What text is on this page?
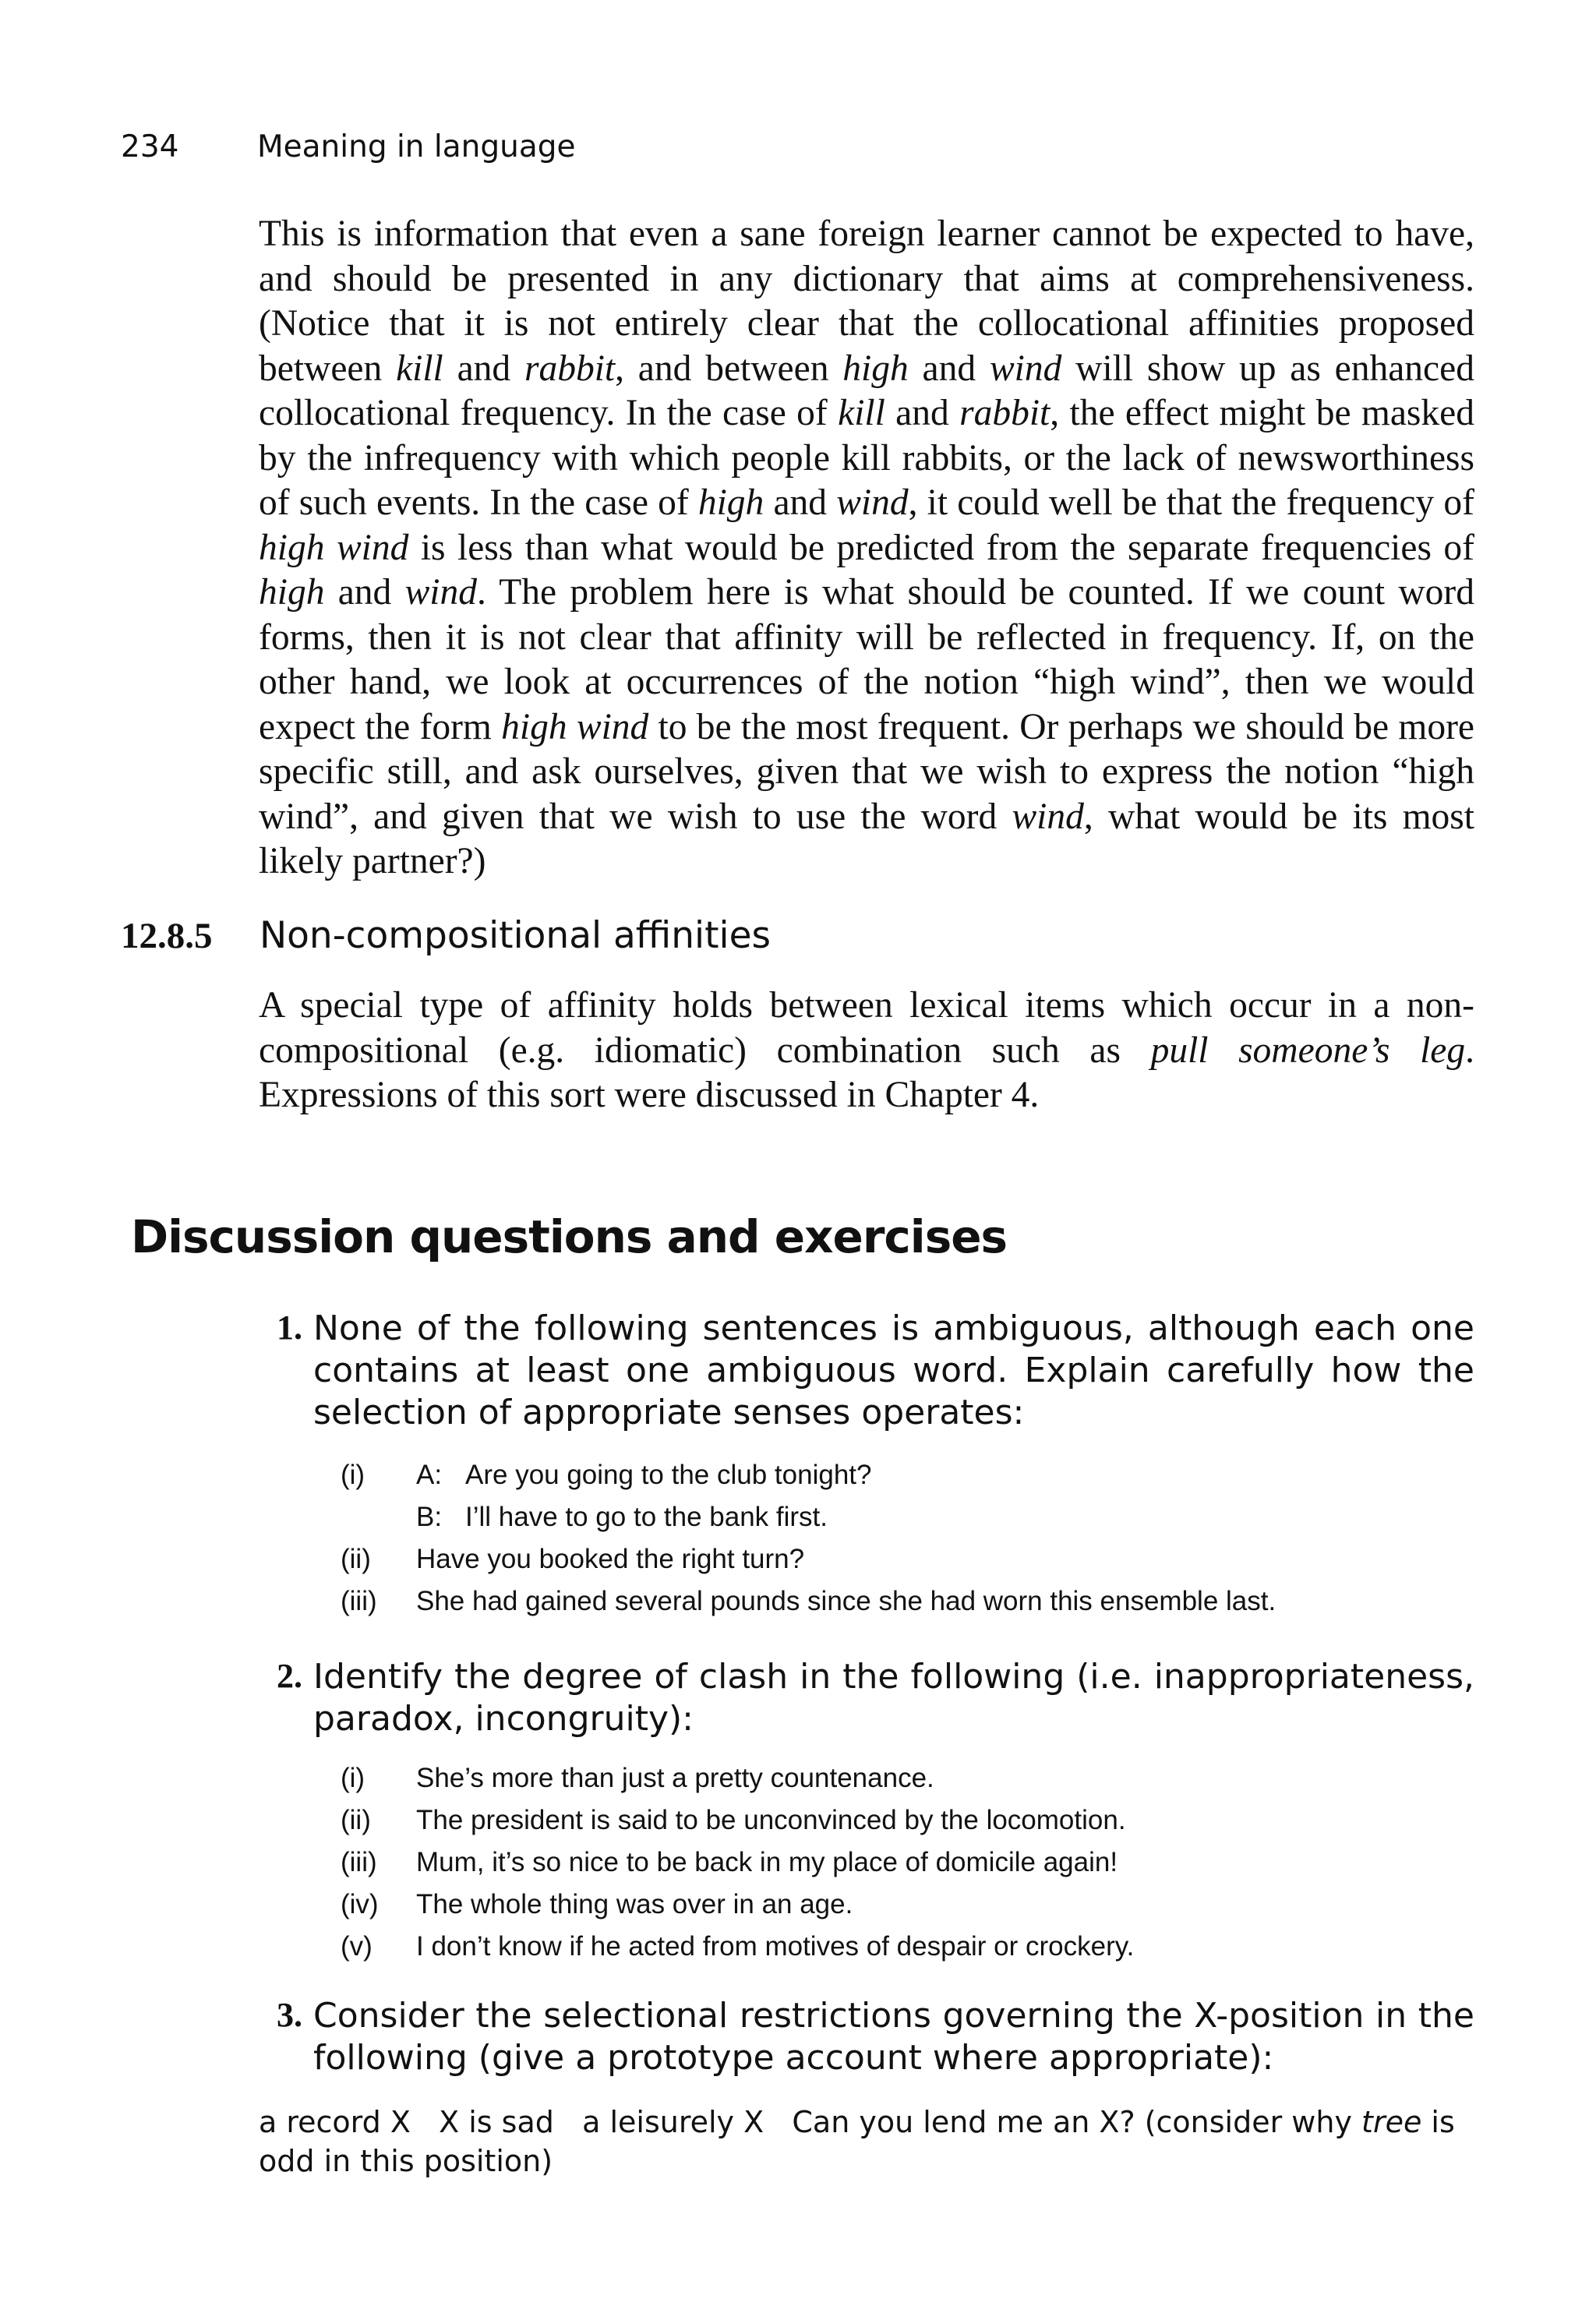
234	Meaning in language

This is information that even a sane foreign learner cannot be expected to have, and should be presented in any dictionary that aims at comprehensiveness. (Notice that it is not entirely clear that the collocational affinities proposed between kill and rabbit, and between high and wind will show up as enhanced collocational frequency. In the case of kill and rabbit, the effect might be masked by the infrequency with which people kill rabbits, or the lack of newsworthiness of such events. In the case of high and wind, it could well be that the frequency of high wind is less than what would be predicted from the separate frequencies of high and wind. The problem here is what should be counted. If we count word forms, then it is not clear that affinity will be reflected in frequency. If, on the other hand, we look at occurrences of the notion “high wind”, then we would expect the form high wind to be the most frequent. Or perhaps we should be more specific still, and ask ourselves, given that we wish to express the notion “high wind”, and given that we wish to use the word wind, what would be its most likely partner?)

12.8.5 Non-compositional affinities

A special type of affinity holds between lexical items which occur in a non-compositional (e.g. idiomatic) combination such as pull someone’s leg. Expressions of this sort were discussed in Chapter 4.

Discussion questions and exercises
1. None of the following sentences is ambiguous, although each one contains at least one ambiguous word. Explain carefully how the selection of appropriate senses operates:

(i) A: Are you going to the club tonight?
B: I’ll have to go to the bank first.
(ii) Have you booked the right turn?
(iii) She had gained several pounds since she had worn this ensemble last.
2. Identify the degree of clash in the following (i.e. inappropriateness, paradox, incongruity):

(i) She’s more than just a pretty countenance.
(ii) The president is said to be unconvinced by the locomotion.
(iii) Mum, it’s so nice to be back in my place of domicile again!
(iv) The whole thing was over in an age.
(v) I don’t know if he acted from motives of despair or crockery.
3. Consider the selectional restrictions governing the X-position in the following (give a prototype account where appropriate):

a record X   X is sad   a leisurely X   Can you lend me an X? (consider why tree is odd in this position)
